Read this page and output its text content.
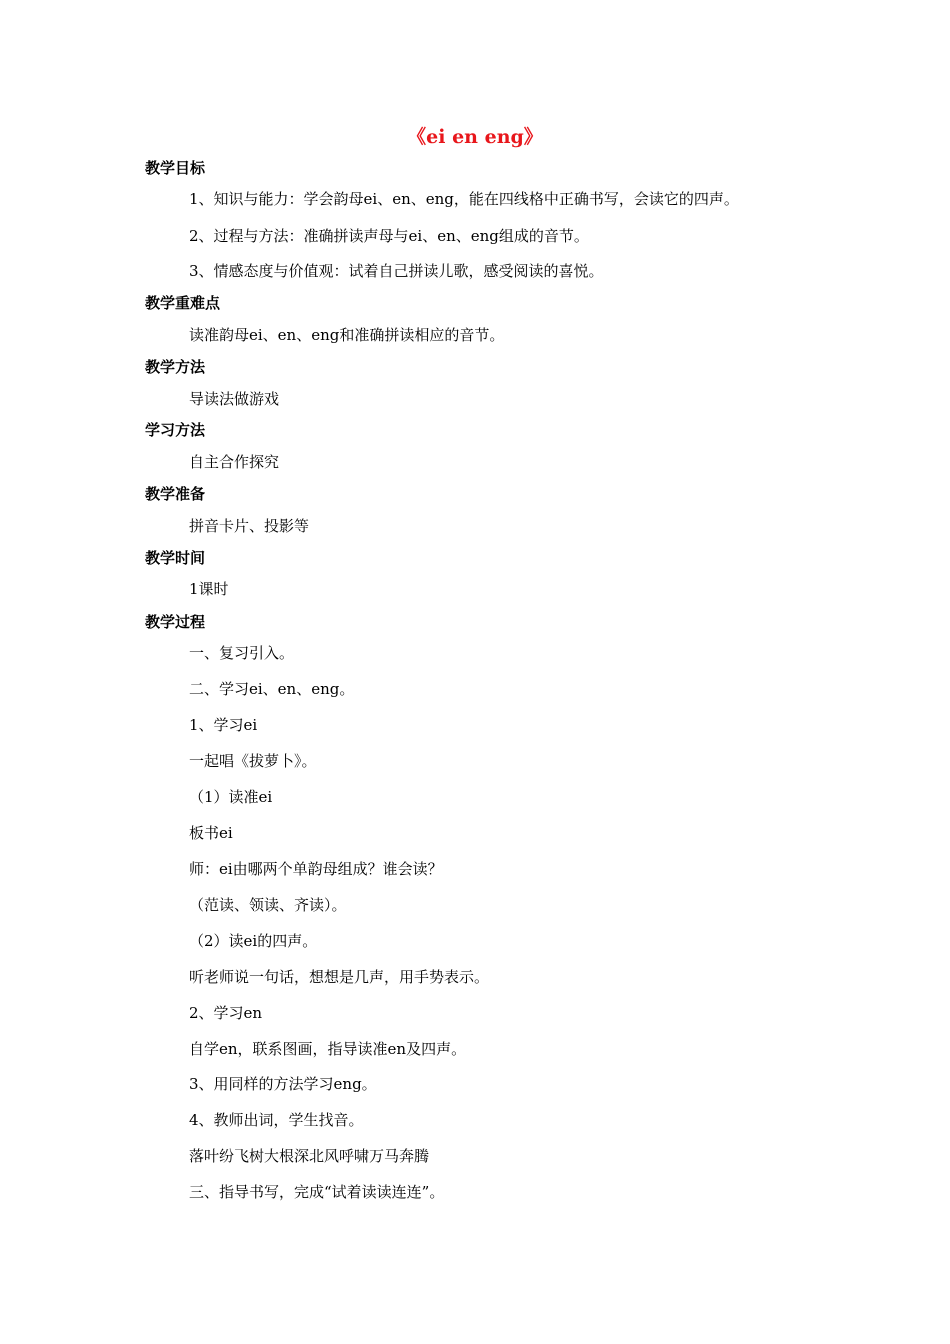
《ei en eng》
教学目标
1、知识与能力：学会韵母ei、en、eng，能在四线格中正确书写，会读它的四声。
2、过程与方法：准确拼读声母与ei、en、eng组成的音节。
3、情感态度与价值观：试着自己拼读儿歌，感受阅读的喜悦。
教学重难点
读准韵母ei、en、eng和准确拼读相应的音节。
教学方法
导读法做游戏
学习方法
自主合作探究
教学准备
拼音卡片、投影等
教学时间
1课时
教学过程
一、复习引入。
二、学习ei、en、eng。
1、学习ei
一起唱《拔萝卜》。
（1）读准ei
板书ei
师：ei由哪两个单韵母组成？谁会读？
（范读、领读、齐读）。
（2）读ei的四声。
听老师说一句话，想想是几声，用手势表示。
2、学习en
自学en，联系图画，指导读准en及四声。
3、用同样的方法学习eng。
4、教师出词，学生找音。
落叶纷飞树大根深北风呼啸万马奔腾
三、指导书写，完成“试着读读连连”。
